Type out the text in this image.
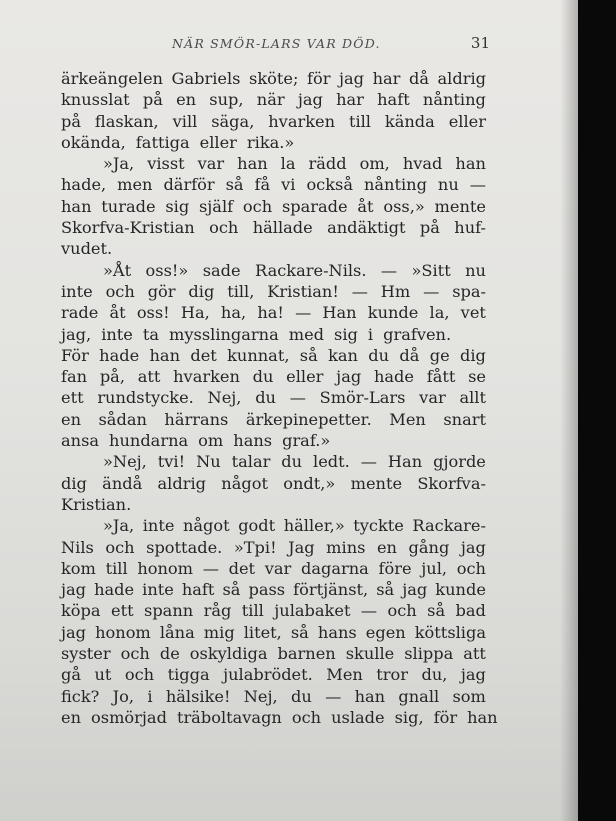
NÄR SMÖR-LARS VAR DÖD.	31
ärkeängelen Gabriels sköte; för jag har då aldrig
knusslat på en sup, när jag har haft nånting
på flaskan, vill säga, hvarken till kända eller
okända, fattiga eller rika.»
»Ja, visst var han la rädd om, hvad han
hade, men därför så få vi också nånting nu —
han turade sig själf och sparade åt oss,» mente
Skorfva-Kristian och hällade andäktigt på huf-
vudet.
»Åt oss!» sade Rackare-Nils. — »Sitt nu
inte och gör dig till, Kristian! — Hm — spa-
rade åt oss! Ha, ha, ha! — Han kunde la, vet
jag, inte ta mysslingarna med sig i grafven.
För hade han det kunnat, så kan du då ge dig
fan på, att hvarken du eller jag hade fått se
ett rundstycke. Nej, du — Smör-Lars var allt
en sådan härrans ärkepinepetter. Men snart
ansa hundarna om hans graf.»
»Nej, tvi! Nu talar du ledt. — Han gjorde
dig ändå aldrig något ondt,» mente Skorfva-
Kristian.
»Ja, inte något godt häller,» tyckte Rackare-
Nils och spottade. »Tpi! Jag mins en gång jag
kom till honom — det var dagarna före jul, och
jag hade inte haft så pass förtjänst, så jag kunde
köpa ett spann råg till julabaket — och så bad
jag honom låna mig litet, så hans egen köttsliga
syster och de oskyldiga barnen skulle slippa att
gå ut och tigga julabrödet. Men tror du, jag
fick? Jo, i hälsike! Nej, du — han gnall som
en osmörjad träboltavagn och uslade sig, för han
